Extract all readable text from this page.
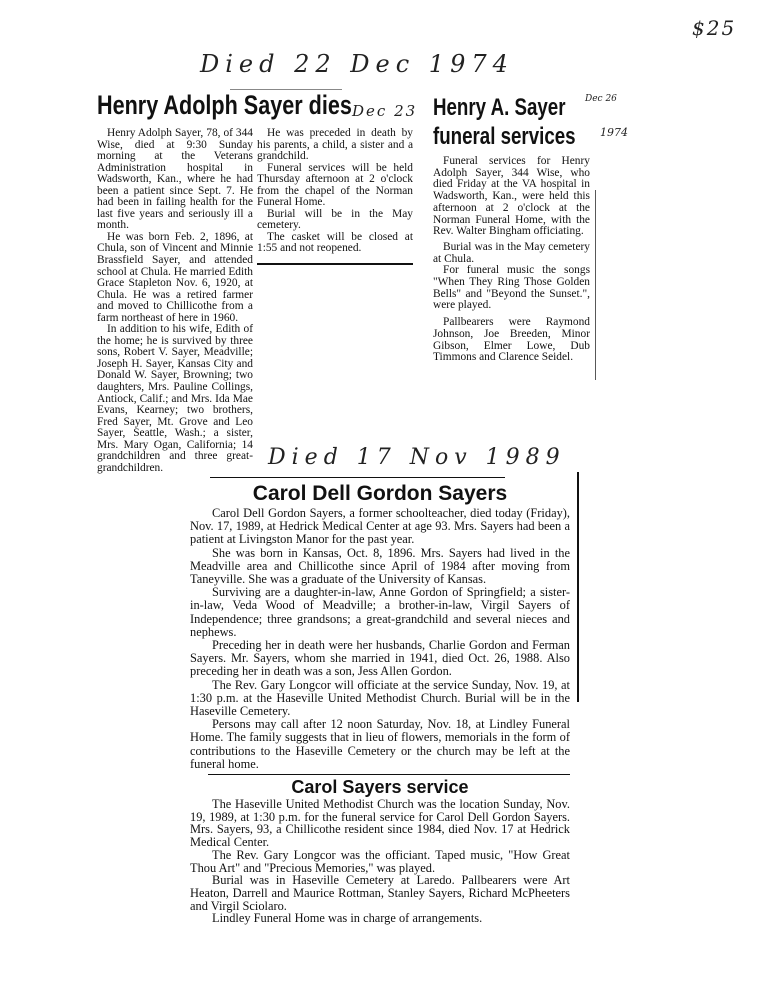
$25
Died 22 Dec 1974
Dec 23
Dec 26
1974
Died 17 Nov 1989
Henry Adolph Sayer dies

Henry Adolph Sayer, 78, of 344 Wise, died at 9:30 Sunday morning at the Veterans Administration hospital in Wadsworth, Kan., where he had been a patient since Sept. 7. He had been in failing health for the last five years and seriously ill a month.

He was born Feb. 2, 1896, at Chula, son of Vincent and Minnie Brassfield Sayer, and attended school at Chula. He married Edith Grace Stapleton Nov. 6, 1920, at Chula. He was a retired farmer and moved to Chillicothe from a farm northeast of here in 1960.

In addition to his wife, Edith of the home; he is survived by three sons, Robert V. Sayer, Meadville; Joseph H. Sayer, Kansas City and Donald W. Sayer, Browning; two daughters, Mrs. Pauline Collings, Antiock, Calif.; and Mrs. Ida Mae Evans, Kearney; two brothers, Fred Sayer, Mt. Grove and Leo Sayer, Seattle, Wash.; a sister, Mrs. Mary Ogan, California; 14 grandchildren and three great-grandchildren.

He was preceded in death by his parents, a child, a sister and a grandchild.

Funeral services will be held Thursday afternoon at 2 o'clock from the chapel of the Norman Funeral Home.

Burial will be in the May cemetery.

The casket will be closed at 1:55 and not reopened.

Henry A. Sayer
funeral services

Funeral services for Henry Adolph Sayer, 344 Wise, who died Friday at the VA hospital in Wadsworth, Kan., were held this afternoon at 2 o'clock at the Norman Funeral Home, with the Rev. Walter Bingham officiating.

Burial was in the May cemetery at Chula.

For funeral music the songs "When They Ring Those Golden Bells" and "Beyond the Sunset.", were played.

Pallbearers were Raymond Johnson, Joe Breeden, Minor Gibson, Elmer Lowe, Dub Timmons and Clarence Seidel.

Carol Dell Gordon Sayers

Carol Dell Gordon Sayers, a former schoolteacher, died today (Friday), Nov. 17, 1989, at Hedrick Medical Center at age 93. Mrs. Sayers had been a patient at Livingston Manor for the past year.

She was born in Kansas, Oct. 8, 1896. Mrs. Sayers had lived in the Meadville area and Chillicothe since April of 1984 after moving from Taneyville. She was a graduate of the University of Kansas.

Surviving are a daughter-in-law, Anne Gordon of Springfield; a sister-in-law, Veda Wood of Meadville; a brother-in-law, Virgil Sayers of Independence; three grandsons; a great-grandchild and several nieces and nephews.

Preceding her in death were her husbands, Charlie Gordon and Ferman Sayers. Mr. Sayers, whom she married in 1941, died Oct. 26, 1988. Also preceding her in death was a son, Jess Allen Gordon.

The Rev. Gary Longcor will officiate at the service Sunday, Nov. 19, at 1:30 p.m. at the Haseville United Methodist Church. Burial will be in the Haseville Cemetery.

Persons may call after 12 noon Saturday, Nov. 18, at Lindley Funeral Home. The family suggests that in lieu of flowers, memorials in the form of contributions to the Haseville Cemetery or the church may be left at the funeral home.

Carol Sayers service

The Haseville United Methodist Church was the location Sunday, Nov. 19, 1989, at 1:30 p.m. for the funeral service for Carol Dell Gordon Sayers. Mrs. Sayers, 93, a Chillicothe resident since 1984, died Nov. 17 at Hedrick Medical Center.

The Rev. Gary Longcor was the officiant. Taped music, "How Great Thou Art" and "Precious Memories," was played.

Burial was in Haseville Cemetery at Laredo. Pallbearers were Art Heaton, Darrell and Maurice Rottman, Stanley Sayers, Richard McPheeters and Virgil Sciolaro.

Lindley Funeral Home was in charge of arrangements.
